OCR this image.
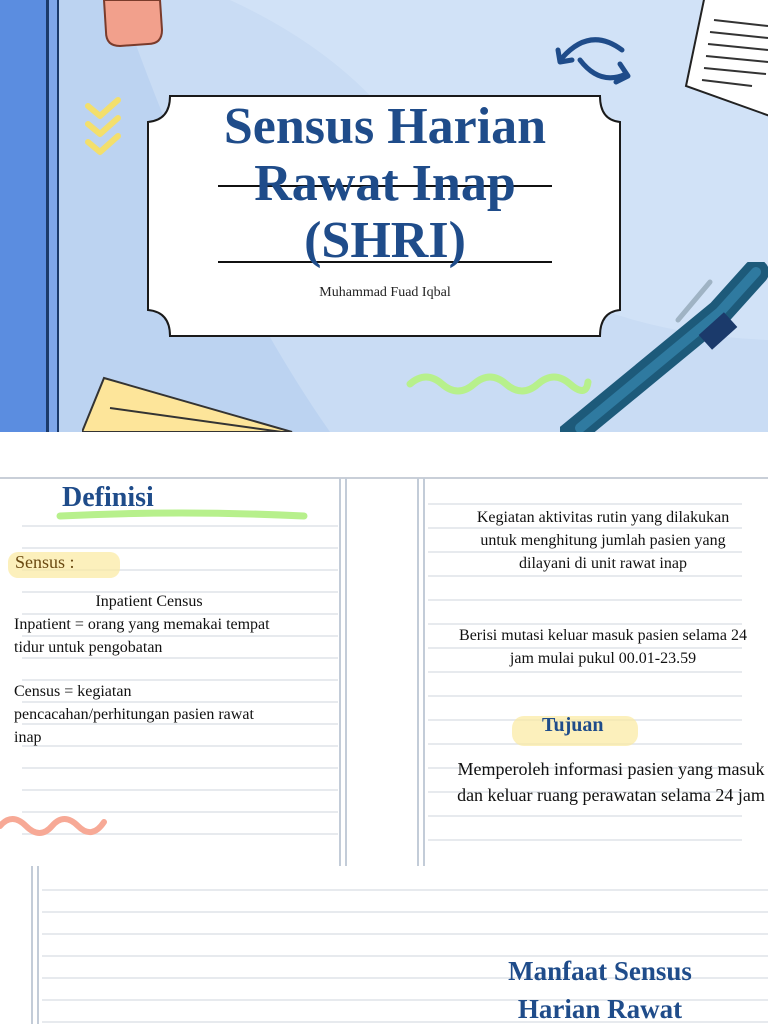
Sensus Harian
Rawat Inap
(SHRI)
Muhammad Fuad Iqbal
Definisi
Sensus :
Inpatient Census
Inpatient = orang yang memakai tempat tidur untuk pengobatan
Census = kegiatan pencacahan/perhitungan pasien rawat inap
Kegiatan aktivitas rutin yang dilakukan untuk menghitung jumlah pasien yang dilayani di unit rawat inap
Berisi mutasi keluar masuk pasien selama 24 jam mulai pukul 00.01-23.59
Tujuan
Memperoleh informasi pasien yang masuk dan keluar ruang perawatan selama 24 jam
Manfaat Sensus
Harian Rawat
